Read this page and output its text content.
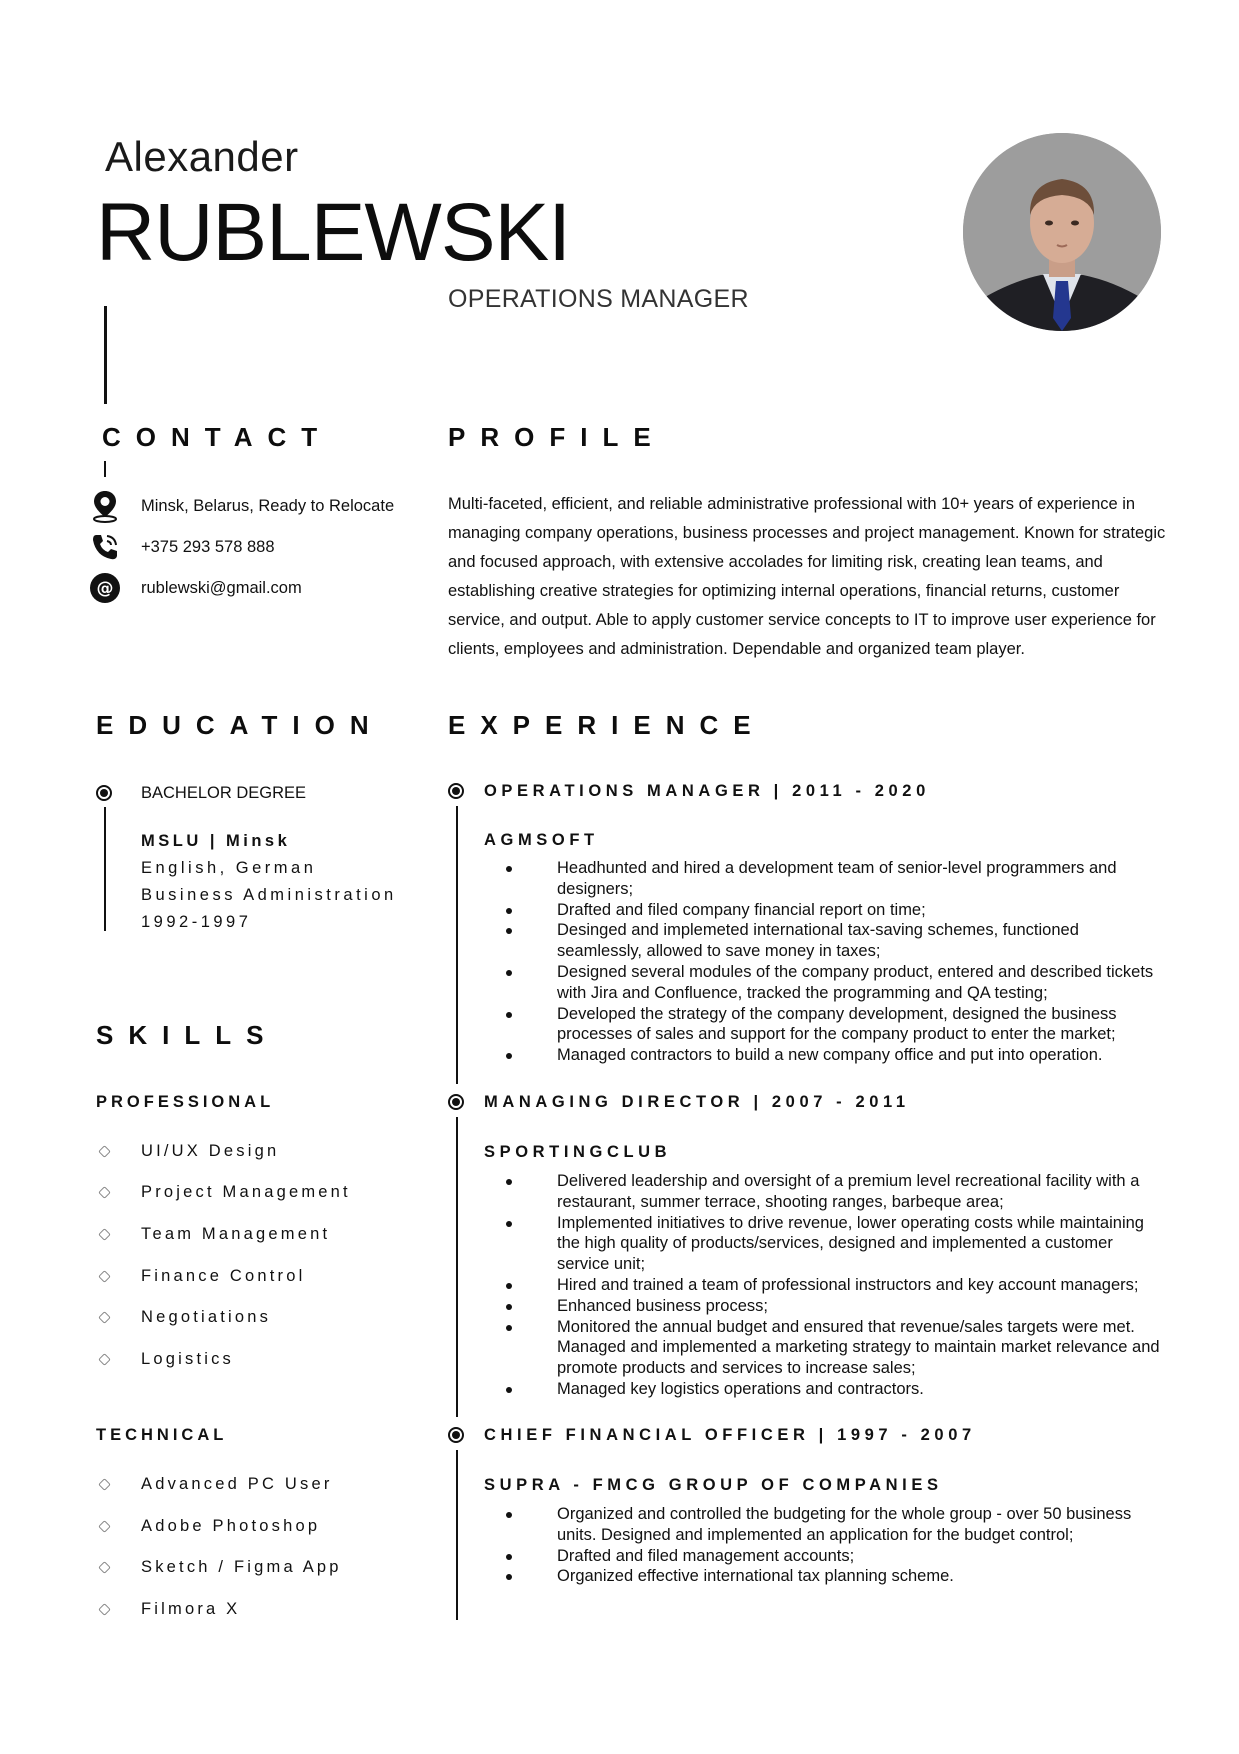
Alexander
RUBLEWSKI
OPERATIONS MANAGER
CONTACT
Minsk, Belarus, Ready to Relocate
+375 293 578 888
@ rublewski@gmail.com
PROFILE
Multi-faceted, efficient, and reliable administrative professional with 10+ years of experience in managing company operations, business processes and project management. Known for strategic and focused approach, with extensive accolades for limiting risk, creating lean teams, and establishing creative strategies for optimizing internal operations, financial returns, customer service, and output. Able to apply customer service concepts to IT to improve user experience for clients, employees and administration. Dependable and organized team player.
EDUCATION
BACHELOR DEGREE
MSLU | Minsk
English, German
Business Administration
1992-1997
SKILLS
PROFESSIONAL
UI/UX Design
Project Management
Team Management
Finance Control
Negotiations
Logistics
TECHNICAL
Advanced PC User
Adobe Photoshop
Sketch / Figma App
Filmora X
EXPERIENCE
OPERATIONS MANAGER | 2011 - 2020
AGMSOFT
Headhunted and hired a development team of senior-level programmers and designers;
Drafted and filed company financial report on time;
Desinged and implemeted international tax-saving schemes, functioned seamlessly, allowed to save money in taxes;
Designed several modules of the company product, entered and described tickets with Jira and Confluence, tracked the programming and QA testing;
Developed the strategy of the company development, designed the business processes of sales and support for the company product to enter the market;
Managed contractors to build a new company office and put into operation.
MANAGING DIRECTOR | 2007 - 2011
SPORTINGCLUB
Delivered leadership and oversight of a premium level recreational facility with a restaurant, summer terrace, shooting ranges, barbeque area;
Implemented initiatives to drive revenue, lower operating costs while maintaining the high quality of products/services, designed and implemented a customer service unit;
Hired and trained a team of professional instructors and key account managers;
Enhanced business process;
Monitored the annual budget and ensured that revenue/sales targets were met. Managed and implemented a marketing strategy to maintain market relevance and promote products and services to increase sales;
Managed key logistics operations and contractors.
CHIEF FINANCIAL OFFICER | 1997 - 2007
SUPRA - FMCG GROUP OF COMPANIES
Organized and controlled the budgeting for the whole group - over 50 business units. Designed and implemented an application for the budget control;
Drafted and filed management accounts;
Organized effective international tax planning scheme.
